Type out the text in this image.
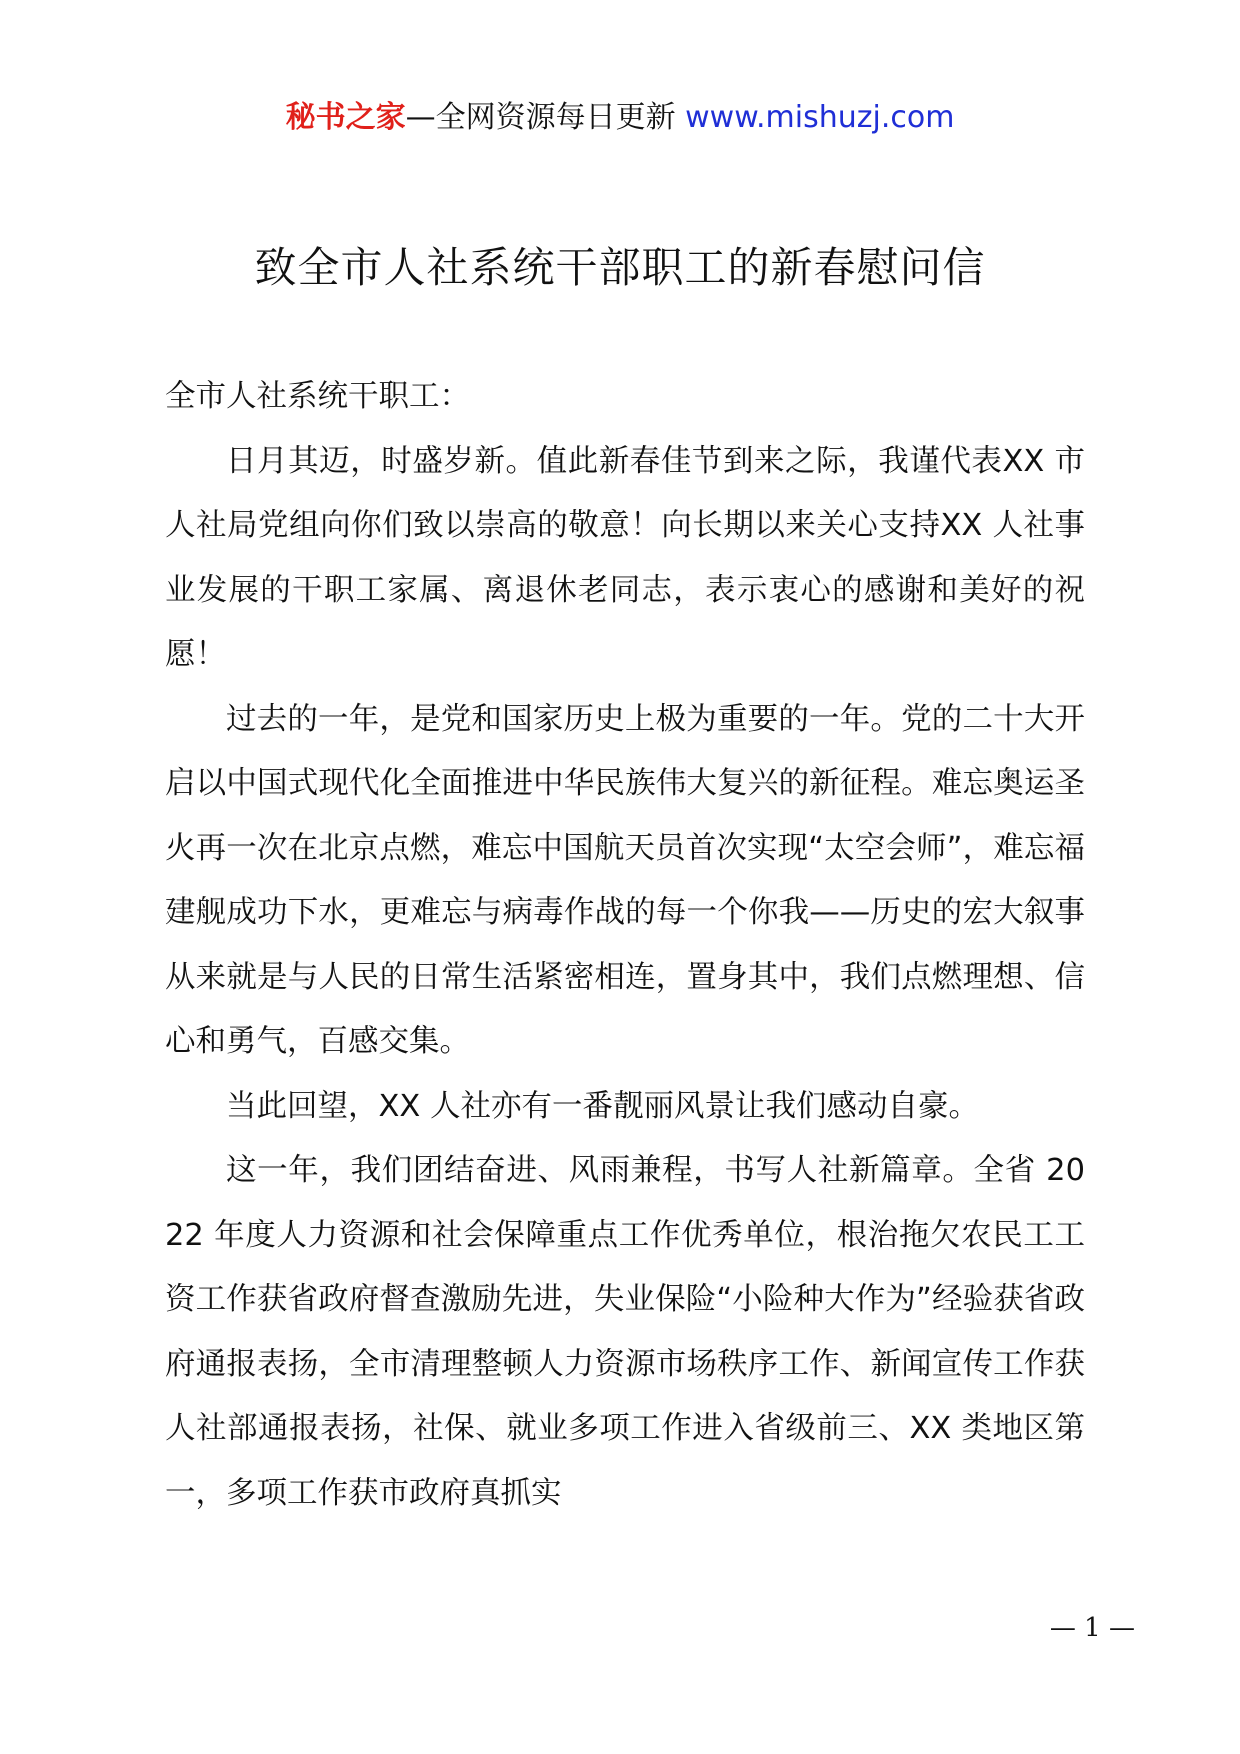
秘书之家—全网资源每日更新 www.mishuzj.com
致全市人社系统干部职工的新春慰问信

全市人社系统干职工：

日月其迈，时盛岁新。值此新春佳节到来之际，我谨代表XX 市人社局党组向你们致以崇高的敬意！向长期以来关心支持XX 人社事业发展的干职工家属、离退休老同志，表示衷心的感谢和美好的祝愿！

过去的一年，是党和国家历史上极为重要的一年。党的二十大开启以中国式现代化全面推进中华民族伟大复兴的新征程。难忘奥运圣火再一次在北京点燃，难忘中国航天员首次实现“太空会师”，难忘福建舰成功下水，更难忘与病毒作战的每一个你我——历史的宏大叙事从来就是与人民的日常生活紧密相连，置身其中，我们点燃理想、信心和勇气，百感交集。

当此回望，XX 人社亦有一番靓丽风景让我们感动自豪。

这一年，我们团结奋进、风雨兼程，书写人社新篇章。全省 2022 年度人力资源和社会保障重点工作优秀单位，根治拖欠农民工工资工作获省政府督查激励先进，失业保险“小险种大作为”经验获省政府通报表扬，全市清理整顿人力资源市场秩序工作、新闻宣传工作获人社部通报表扬，社保、就业多项工作进入省级前三、XX 类地区第一，多项工作获市政府真抓实

— 1 —
